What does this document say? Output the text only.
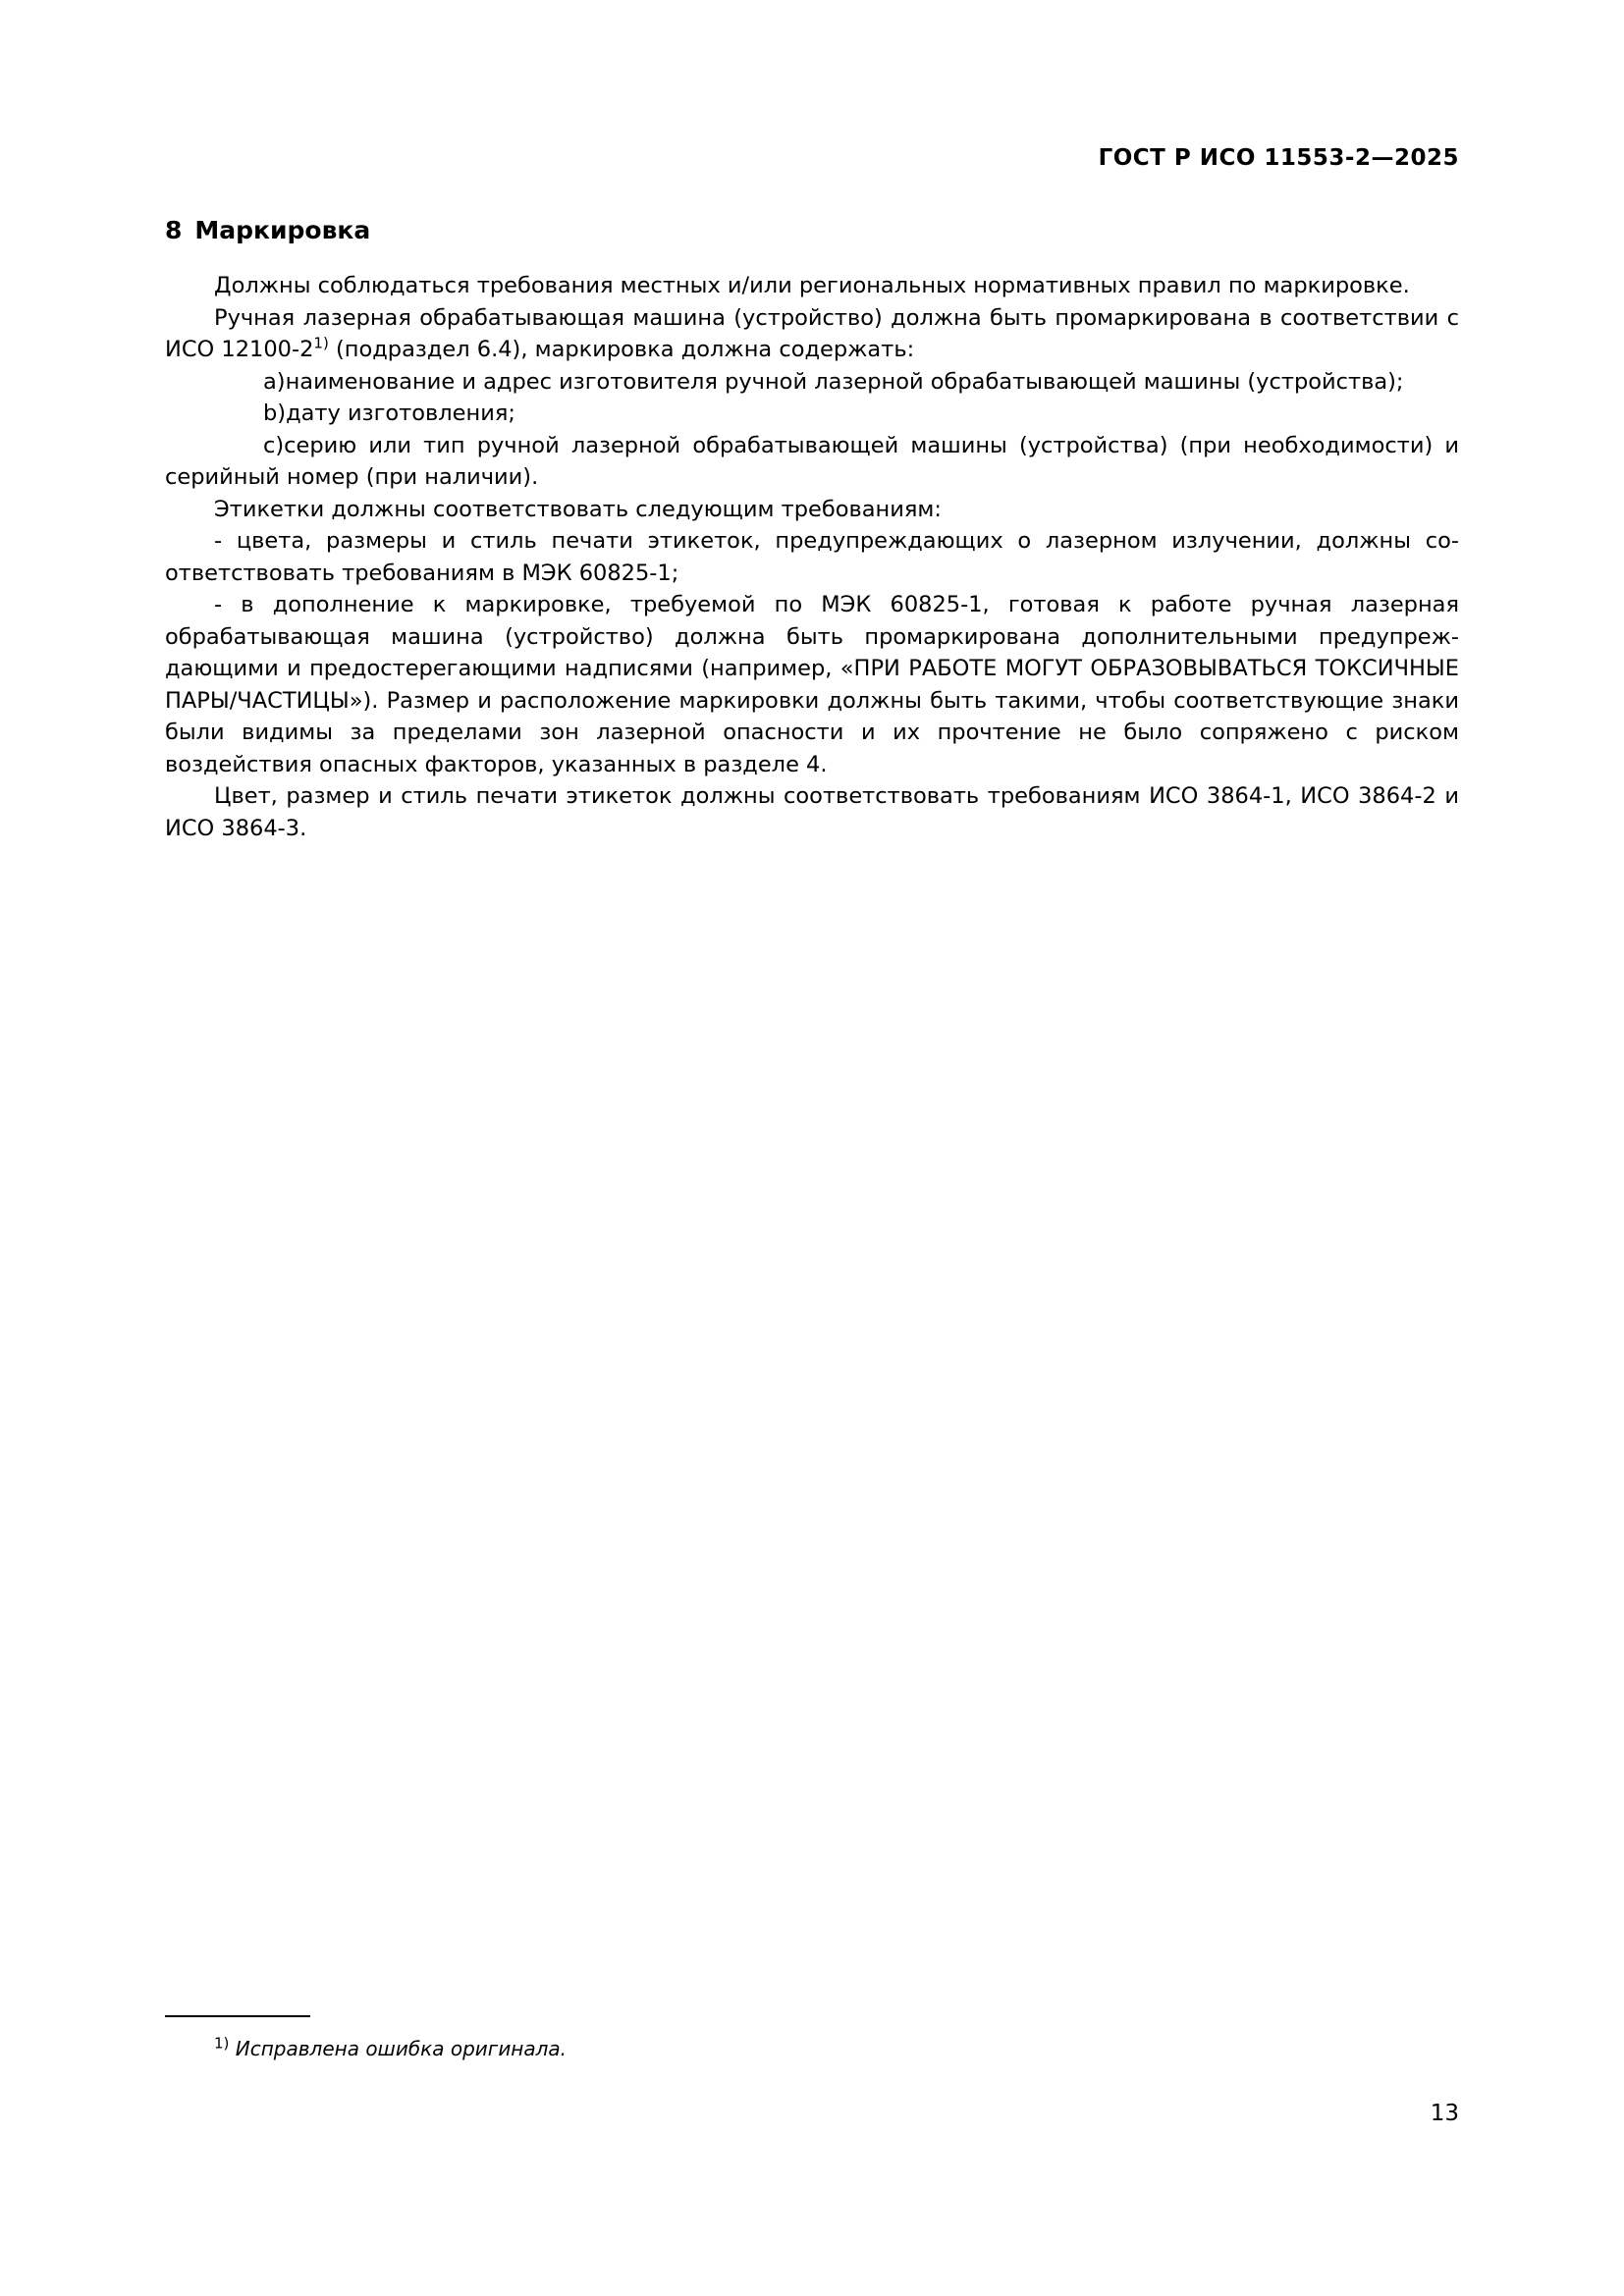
ГОСТ Р ИСО 11553-2—2025
8 Маркировка

Должны соблюдаться требования местных и/или региональных нормативных правил по маркировке.

Ручная лазерная обрабатывающая машина (устройство) должна быть промаркирована в соответствии с ИСО 12100-2$^{1)}$ (подраздел 6.4), маркировка должна содержать:

a)наименование и адрес изготовителя ручной лазерной обрабатывающей машины (устройства);

b)дату изготовления;

c)серию или тип ручной лазерной обрабатывающей машины (устройства) (при необходимости) и серийный номер (при наличии).

Этикетки должны соответствовать следующим требованиям:

- цвета, размеры и стиль печати этикеток, предупреждающих о лазерном излучении, должны соответствовать требованиям в МЭК 60825-1;

- в дополнение к маркировке, требуемой по МЭК 60825-1, готовая к работе ручная лазерная обрабатывающая машина (устройство) должна быть промаркирована дополнительными предупреждающими и предостерегающими надписями (например, «ПРИ РАБОТЕ МОГУТ ОБРАЗОВЫВАТЬСЯ ТОКСИЧНЫЕ ПАРЫ/ЧАСТИЦЫ»). Размер и расположение маркировки должны быть такими, чтобы соответствующие знаки были видимы за пределами зон лазерной опасности и их прочтение не было сопряжено с риском воздействия опасных факторов, указанных в разделе 4.

Цвет, размер и стиль печати этикеток должны соответствовать требованиям ИСО 3864-1, ИСО 3864-2 и ИСО 3864-3.

$^{1)}$ Исправлена ошибка оригинала.

13
